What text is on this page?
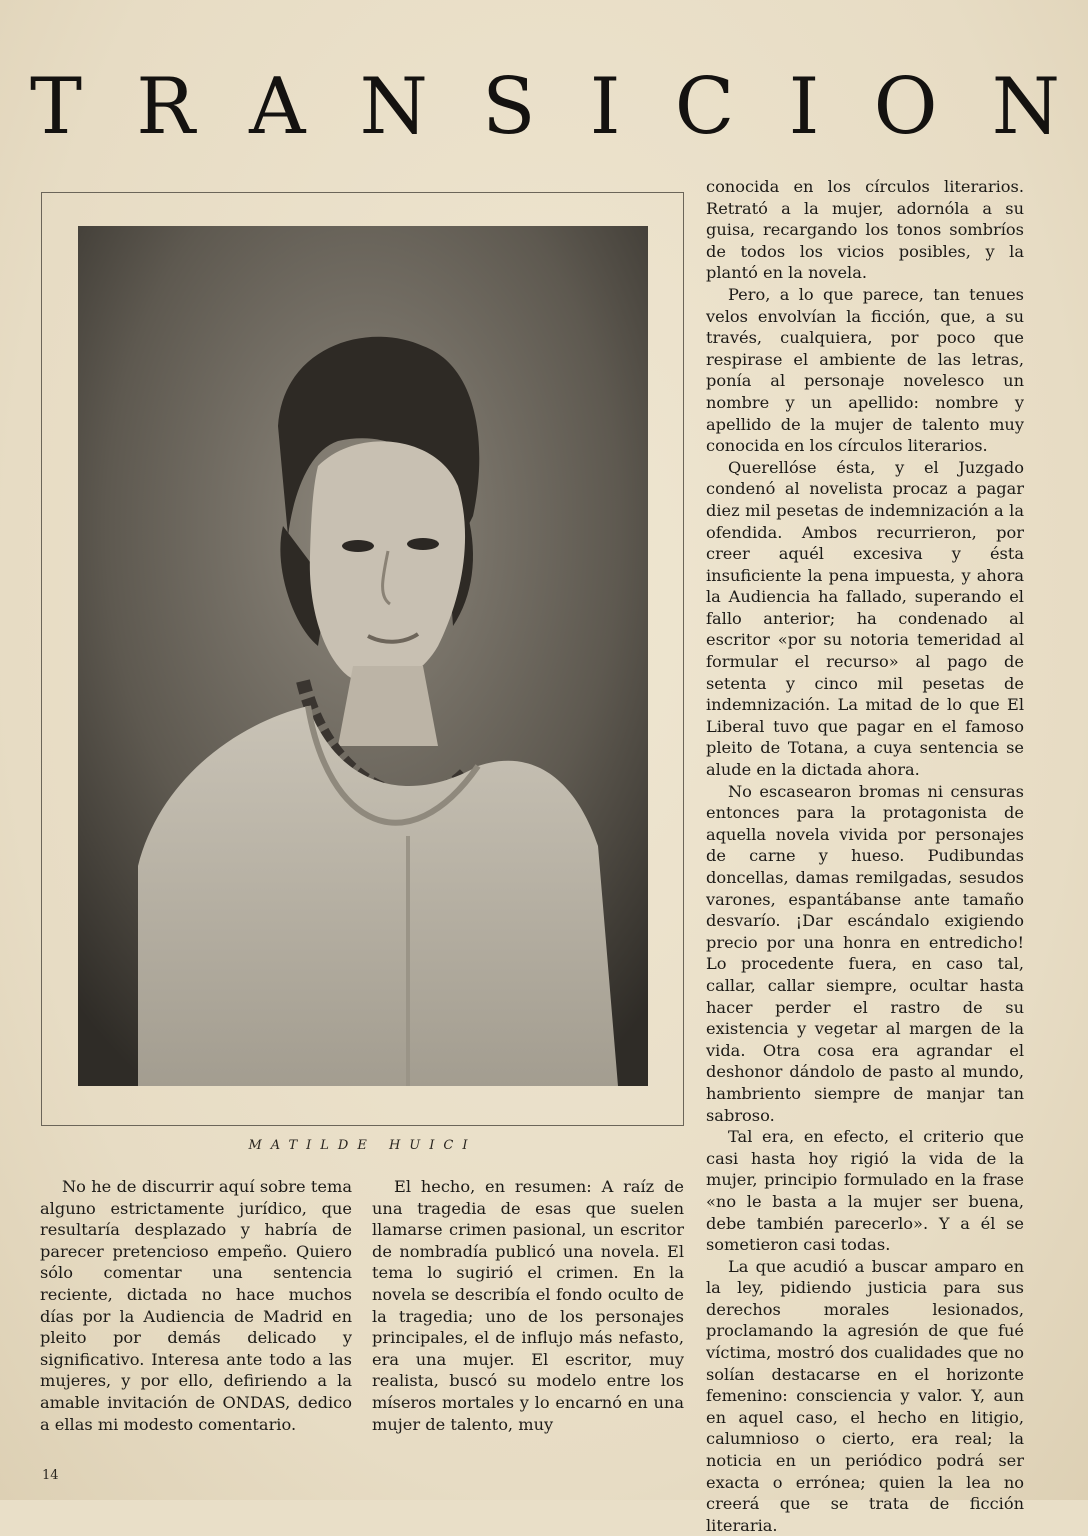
T R A N S I C I O N
MATILDE HUICI

No he de discurrir aquí sobre tema alguno estrictamente jurídico, que resultaría desplazado y habría de parecer pretencioso empeño. Quiero sólo comentar una sentencia reciente, dictada no hace muchos días por la Audiencia de Madrid en pleito por demás delicado y significativo. Interesa ante todo a las mujeres, y por ello, defiriendo a la amable invitación de ONDAS, dedico a ellas mi modesto comentario.

El hecho, en resumen: A raíz de una tragedia de esas que suelen llamarse crimen pasional, un escritor de nombradía publicó una novela. El tema lo sugirió el crimen. En la novela se describía el fondo oculto de la tragedia; uno de los personajes principales, el de influjo más nefasto, era una mujer. El escritor, muy realista, buscó su modelo entre los míseros mortales y lo encarnó en una mujer de talento, muy

conocida en los círculos literarios. Retrató a la mujer, adornóla a su guisa, recargando los tonos sombríos de todos los vicios posibles, y la plantó en la novela.

Pero, a lo que parece, tan tenues velos envolvían la ficción, que, a su través, cualquiera, por poco que respirase el ambiente de las letras, ponía al personaje novelesco un nombre y un apellido: nombre y apellido de la mujer de talento muy conocida en los círculos literarios.

Querellóse ésta, y el Juzgado condenó al novelista procaz a pagar diez mil pesetas de indemnización a la ofendida. Ambos recurrieron, por creer aquél excesiva y ésta insuficiente la pena impuesta, y ahora la Audiencia ha fallado, superando el fallo anterior; ha condenado al escritor «por su notoria temeridad al formular el recurso» al pago de setenta y cinco mil pesetas de indemnización. La mitad de lo que El Liberal tuvo que pagar en el famoso pleito de Totana, a cuya sentencia se alude en la dictada ahora.

No escasearon bromas ni censuras entonces para la protagonista de aquella novela vivida por personajes de carne y hueso. Pudibundas doncellas, damas remilgadas, sesudos varones, espantábanse ante tamaño desvarío. ¡Dar escándalo exigiendo precio por una honra en entredicho! Lo procedente fuera, en caso tal, callar, callar siempre, ocultar hasta hacer perder el rastro de su existencia y vegetar al margen de la vida. Otra cosa era agrandar el deshonor dándolo de pasto al mundo, hambriento siempre de manjar tan sabroso.

Tal era, en efecto, el criterio que casi hasta hoy rigió la vida de la mujer, principio formulado en la frase «no le basta a la mujer ser buena, debe también parecerlo». Y a él se sometieron casi todas.

La que acudió a buscar amparo en la ley, pidiendo justicia para sus derechos morales lesionados, proclamando la agresión de que fué víctima, mostró dos cualidades que no solían destacarse en el horizonte femenino: consciencia y valor. Y, aun en aquel caso, el hecho en litigio, calumnioso o cierto, era real; la noticia en un periódico podrá ser exacta o errónea; quien la lea no creerá que se trata de ficción literaria.

14
